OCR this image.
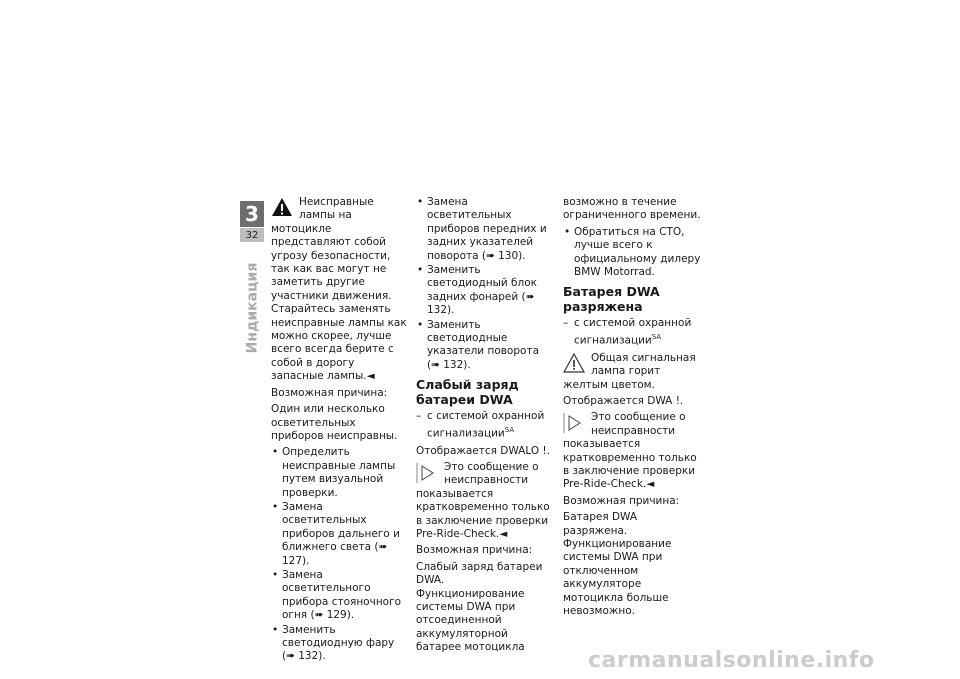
3
32
Индикация
Неисправные лампы на мотоцикле представляют собой угрозу безопасности, так как вас могут не заметить другие участники движения. Старайтесь заменять неисправные лампы как можно скорее, лучше всего всегда берите с собой в дорогу запасные лампы.◄

Возможная причина:

Один или несколько осветительных приборов неисправны.

• Определить неисправные лампы путем визуальной проверки.
• Замена осветительных приборов дальнего и ближнего света (➠ 127).
• Замена осветительного прибора стояночного огня (➠ 129).
• Заменить светодиодную фару (➠ 132).
• Замена осветительных приборов передних и задних указателей поворота (➠ 130).
• Заменить светодиодный блок задних фонарей (➠ 132).
• Заменить светодиодные указатели поворота (➠ 132).
Слабый заряд батареи DWA
– с системой охранной сигнализации$^{SA}$

Отображается DWALO !.

Это сообщение о неисправности показывается кратковременно только в заключение проверки Pre-Ride-Check.◄

Возможная причина:

Слабый заряд батареи DWA. Функционирование системы DWA при отсоединенной аккумуляторной батарее мотоцикла

возможно в течение ограниченного времени.

• Обратиться на СТО, лучше всего к официальному дилеру BMW Motorrad.
Батарея DWA разряжена
– с системой охранной сигнализации$^{SA}$
Общая сигнальная лампа горит желтым цветом.

Отображается DWA !.

Это сообщение о неисправности показывается кратковременно только в заключение проверки Pre-Ride-Check.◄

Возможная причина:

Батарея DWA разряжена. Функционирование системы DWA при отключенном аккумуляторе мотоцикла больше невозможно.

carmanualsonline.info
